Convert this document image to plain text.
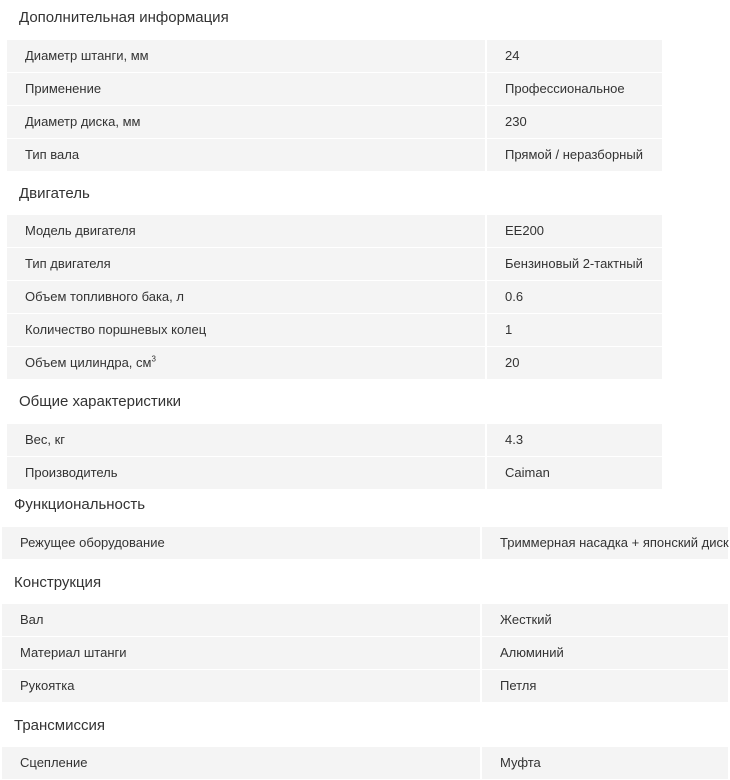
Дополнительная информация
Диаметр штанги, мм	24
Применение	Профессиональное
Диаметр диска, мм	230
Тип вала	Прямой / неразборный
Двигатель
Модель двигателя	EE200
Тип двигателя	Бензиновый 2-тактный
Объем топливного бака, л	0.6
Количество поршневых колец	1
Объем цилиндра, $см^3$	20
Общие характеристики
Вес, кг	4.3
Производитель	Caiman
Функциональность
Режущее оборудование	Триммерная насадка + японский диск
Конструкция
Вал	Жесткий
Материал штанги	Алюминий
Рукоятка	Петля
Трансмиссия
Сцепление	Муфта
